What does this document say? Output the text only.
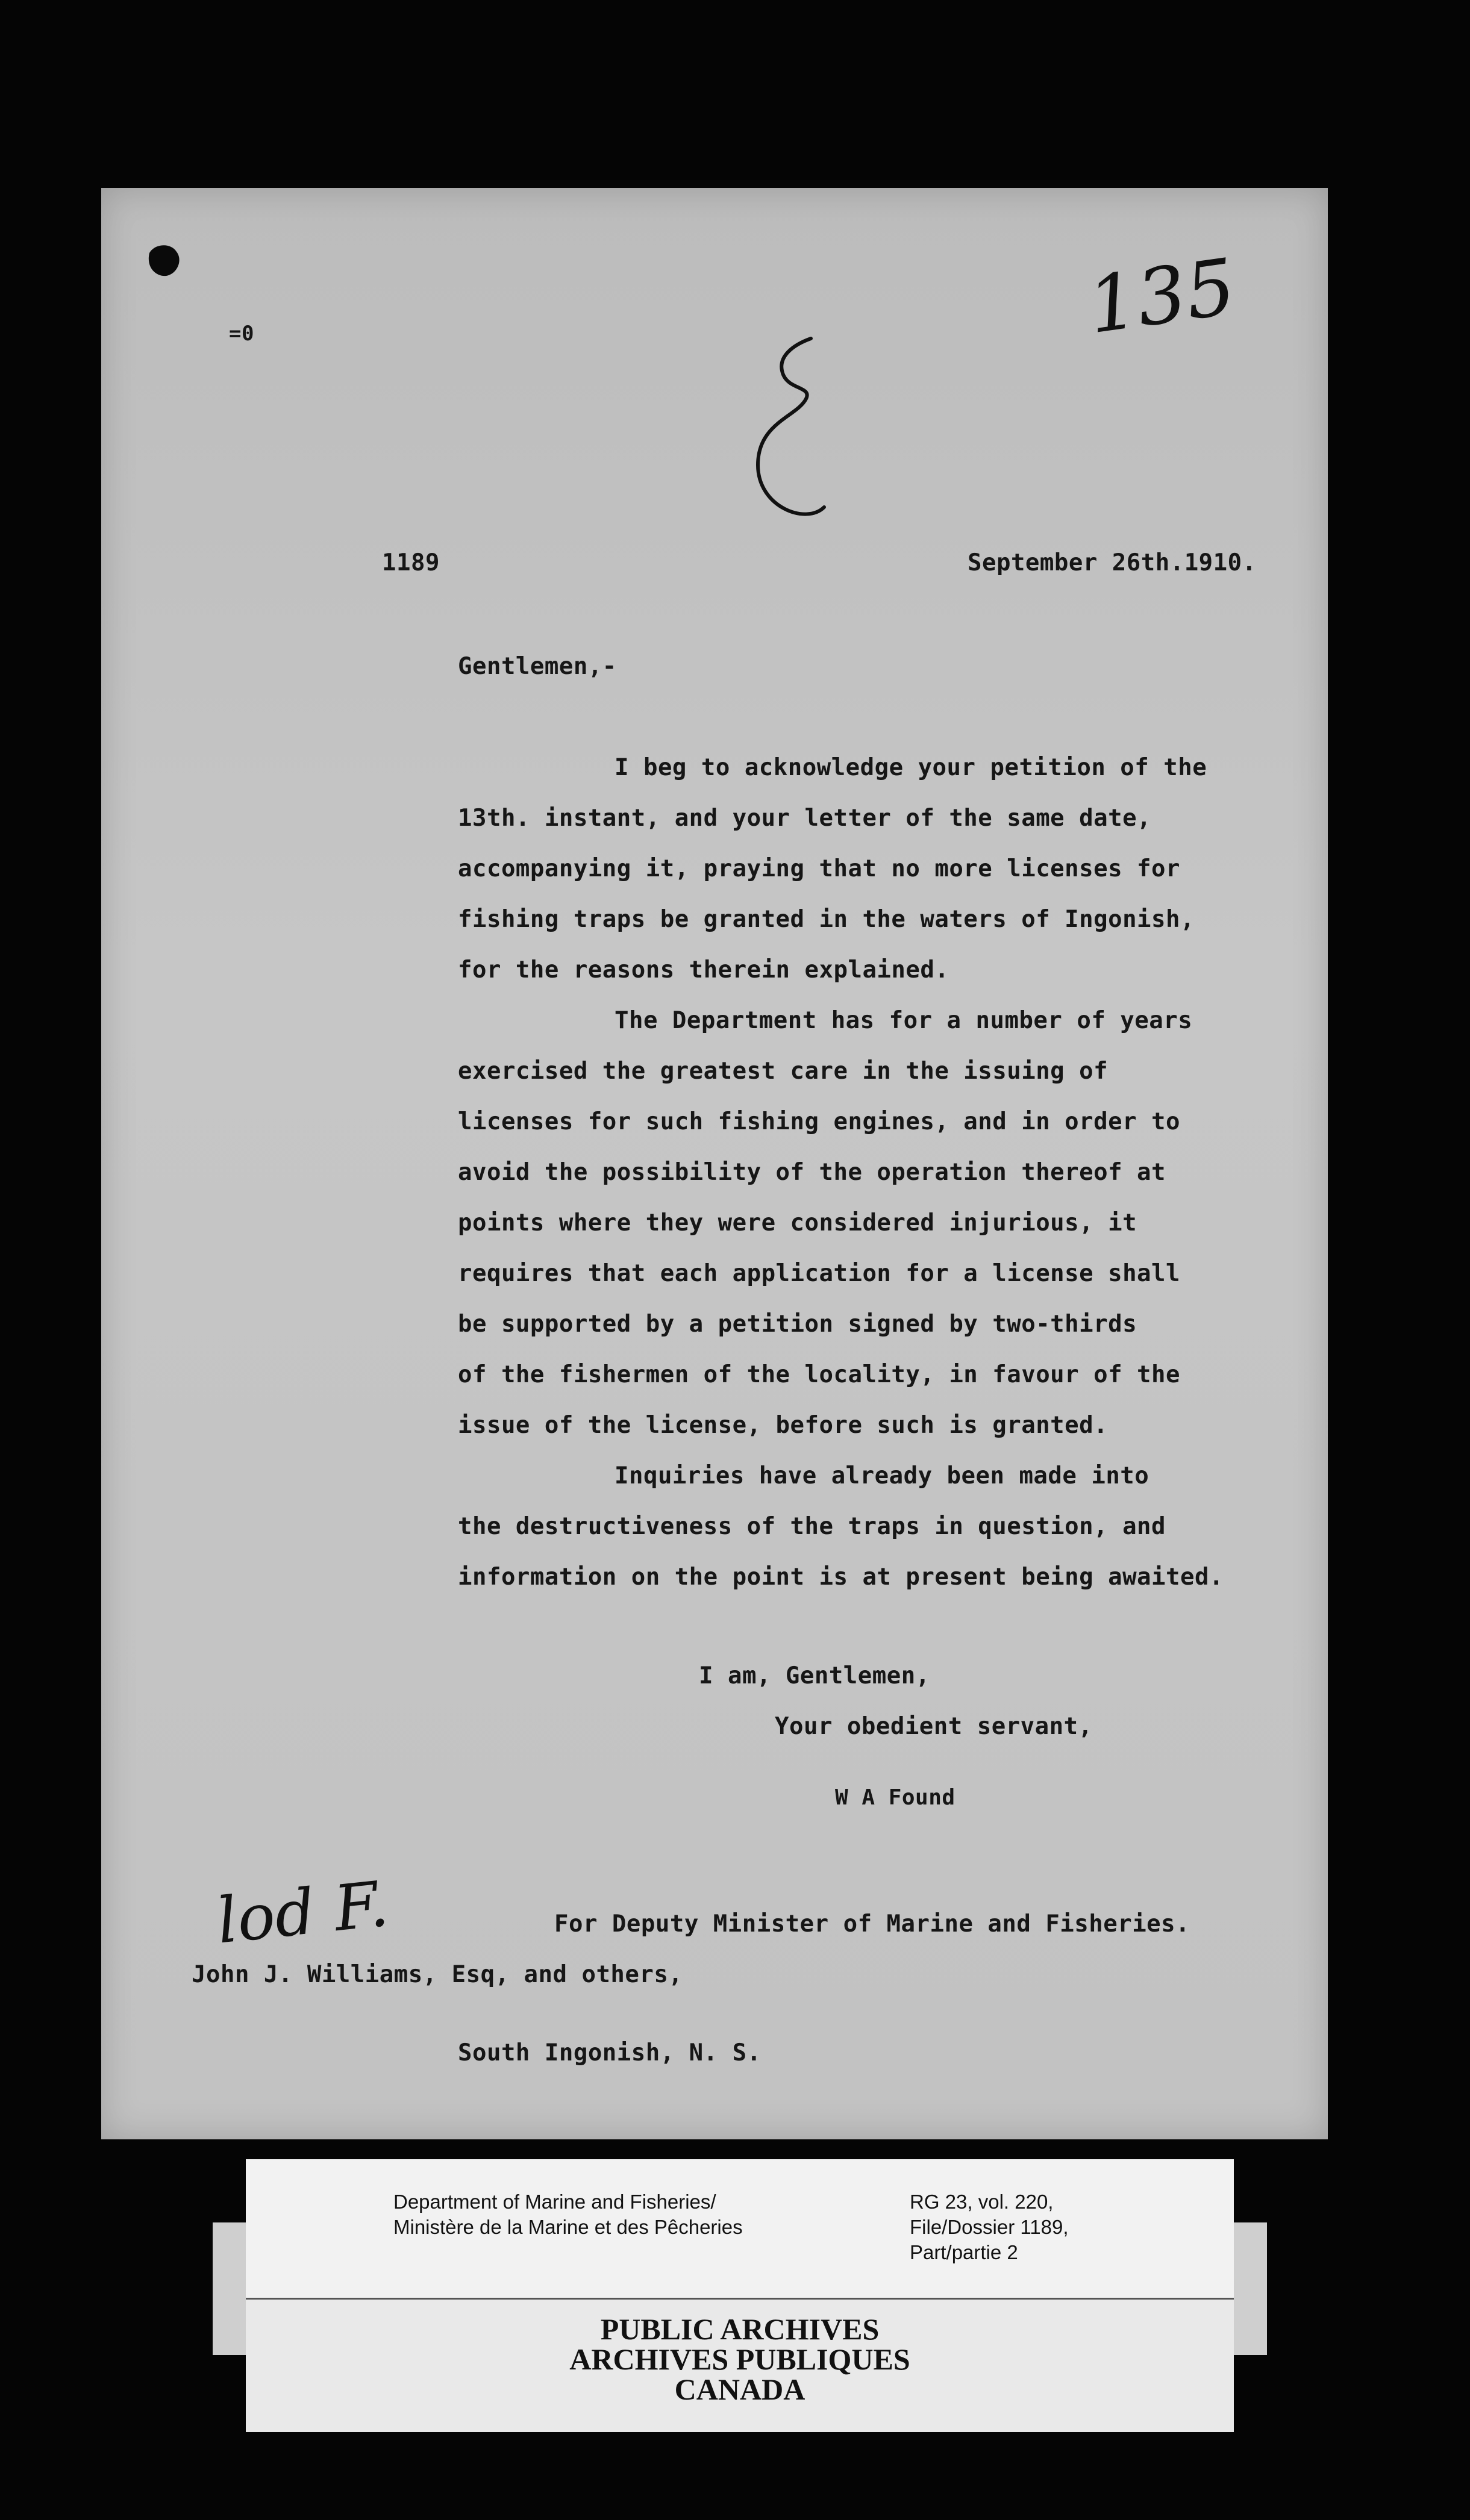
=0	135
1189	September 26th.1910.
Gentlemen,-
I beg to acknowledge your petition of the
13th. instant, and your letter of the same date,
accompanying it, praying that no more licenses for
fishing traps be granted in the waters of Ingonish,
for the reasons therein explained.
The Department has for a number of years
exercised the greatest care in the issuing of
licenses for such fishing engines, and in order to
avoid the possibility of the operation thereof at
points where they were considered injurious, it
requires that each application for a license shall
be supported by a petition signed by two-thirds
of the fishermen of the locality, in favour of the
issue of the license, before such is granted.
Inquiries have already been made into
the destructiveness of the traps in question, and
information on the point is at present being awaited.
I am, Gentlemen,
Your obedient servant,
W A Found
lod F.	For Deputy Minister of Marine and Fisheries.
John J. Williams, Esq, and others,
South Ingonish, N. S.
Department of Marine and Fisheries/
Ministère de la Marine et des Pêcheries
RG 23, vol. 220,
File/Dossier 1189,
Part/partie 2
PUBLIC ARCHIVES
ARCHIVES PUBLIQUES
CANADA
